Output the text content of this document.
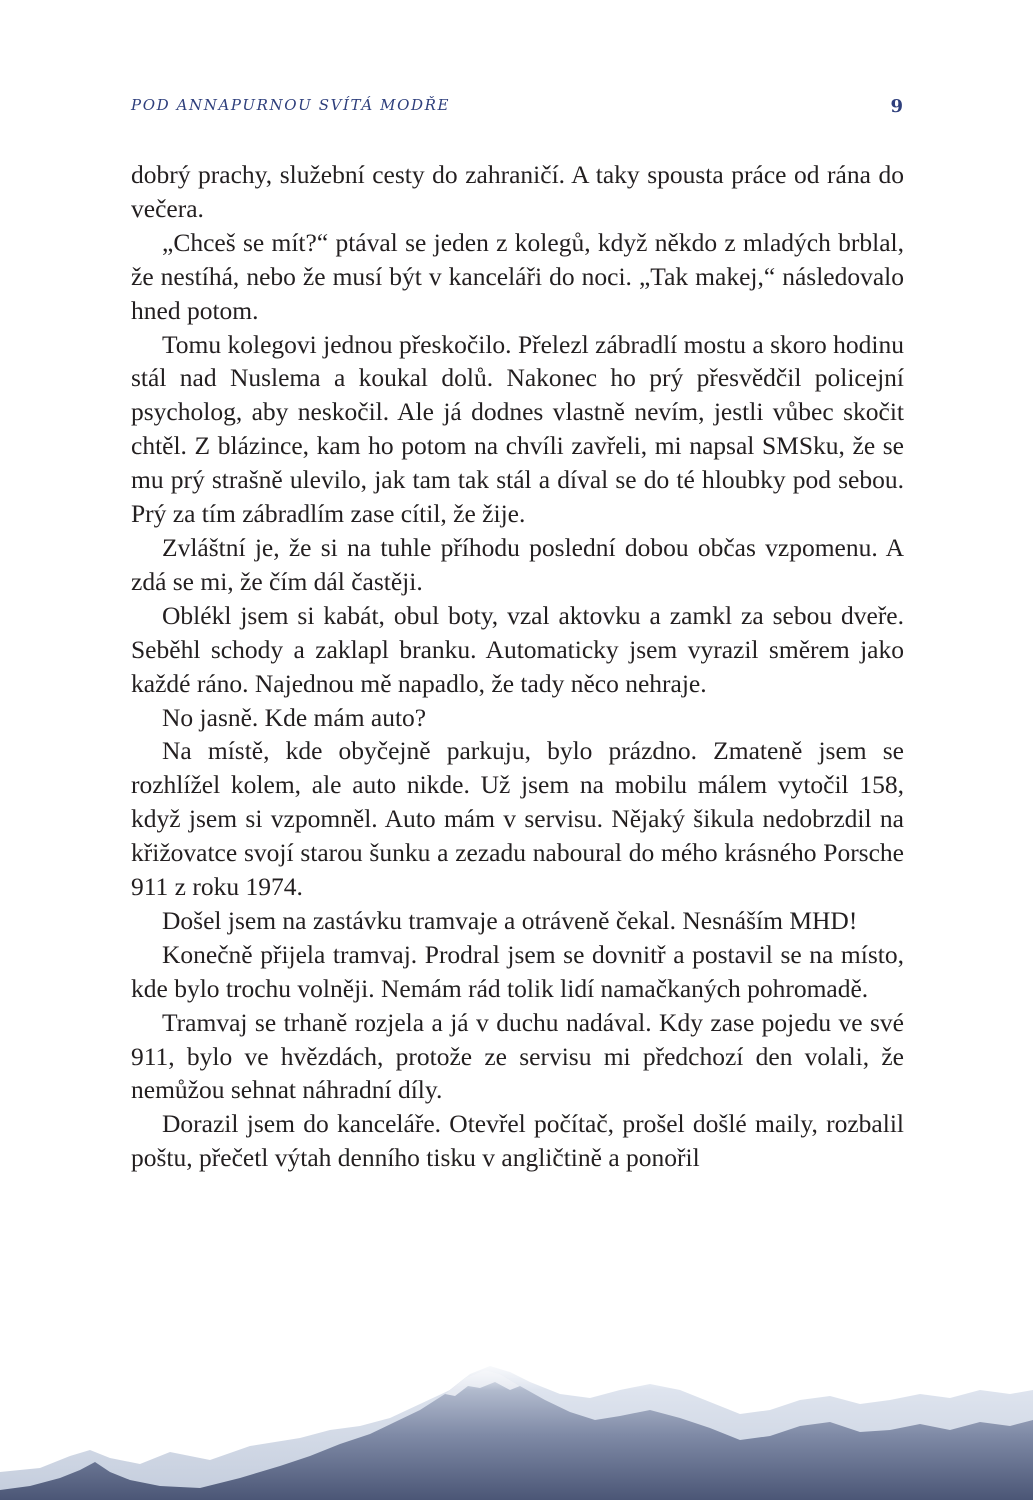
POD ANNAPURNOU SVÍTÁ MODŘE	9

dobrý prachy, služební cesty do zahraničí. A taky spousta práce od rána do večera.

„Chceš se mít?“ ptával se jeden z kolegů, když někdo z mladých brblal, že nestíhá, nebo že musí být v kanceláři do noci. „Tak makej,“ následovalo hned potom.

Tomu kolegovi jednou přeskočilo. Přelezl zábradlí mostu a skoro hodinu stál nad Nuslema a koukal dolů. Nakonec ho prý přesvědčil policejní psycholog, aby neskočil. Ale já dodnes vlastně nevím, jestli vůbec skočit chtěl. Z blázince, kam ho potom na chvíli zavřeli, mi napsal SMSku, že se mu prý strašně ulevilo, jak tam tak stál a díval se do té hloubky pod sebou. Prý za tím zábradlím zase cítil, že žije.

Zvláštní je, že si na tuhle příhodu poslední dobou občas vzpomenu. A zdá se mi, že čím dál častěji.

Oblékl jsem si kabát, obul boty, vzal aktovku a zamkl za sebou dveře. Seběhl schody a zaklapl branku. Automaticky jsem vyrazil směrem jako každé ráno. Najednou mě napadlo, že tady něco nehraje.

No jasně. Kde mám auto?

Na místě, kde obyčejně parkuju, bylo prázdno. Zmateně jsem se rozhlížel kolem, ale auto nikde. Už jsem na mobilu málem vytočil 158, když jsem si vzpomněl. Auto mám v servisu. Nějaký šikula nedobrzdil na křižovatce svojí starou šunku a zezadu naboural do mého krásného Porsche 911 z roku 1974.

Došel jsem na zastávku tramvaje a otráveně čekal. Nesnáším MHD!

Konečně přijela tramvaj. Prodral jsem se dovnitř a postavil se na místo, kde bylo trochu volněji. Nemám rád tolik lidí namačkaných pohromadě.

Tramvaj se trhaně rozjela a já v duchu nadával. Kdy zase pojedu ve své 911, bylo ve hvězdách, protože ze servisu mi předchozí den volali, že nemůžou sehnat náhradní díly.

Dorazil jsem do kanceláře. Otevřel počítač, prošel došlé maily, rozbalil poštu, přečetl výtah denního tisku v angličtině a ponořil
